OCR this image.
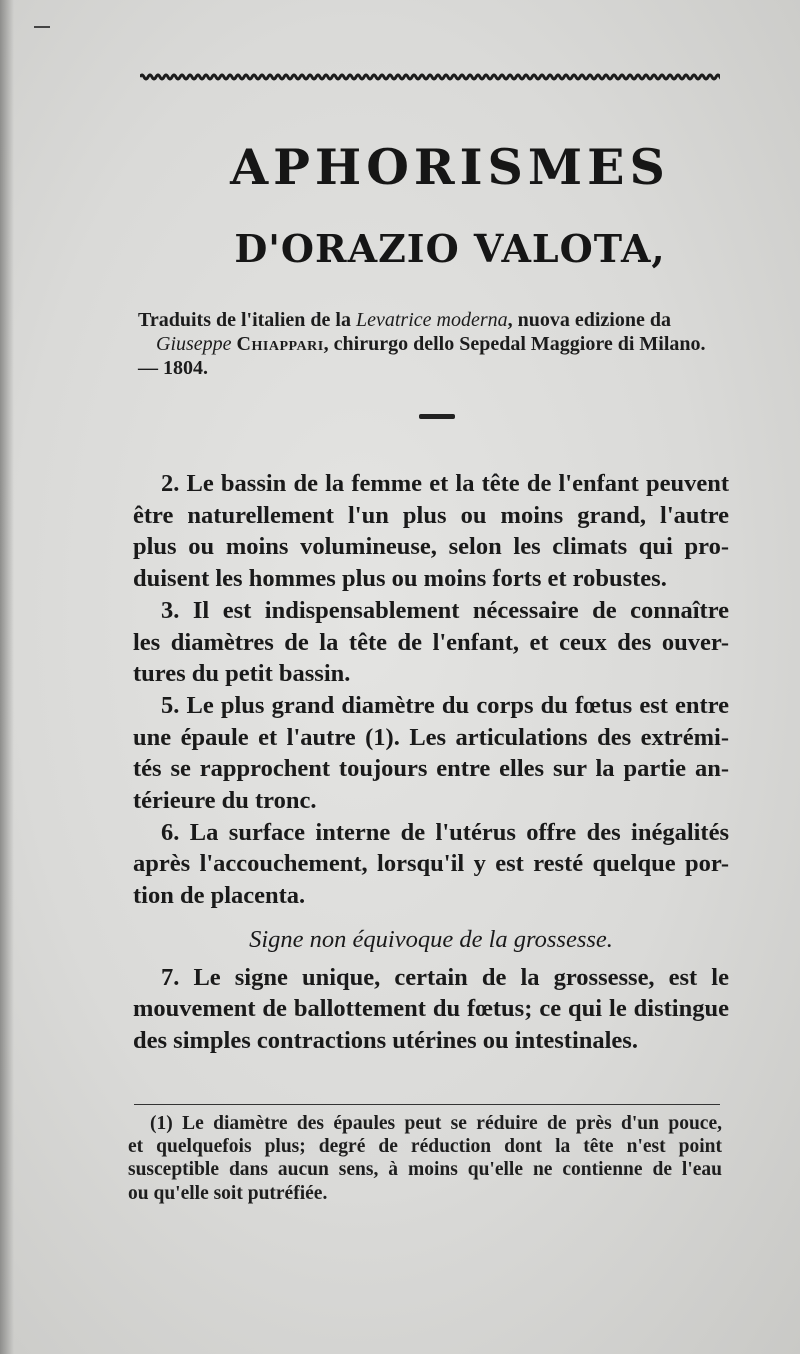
APHORISMES
D'ORAZIO VALOTA,
Traduits de l'italien de la Levatrice moderna, nuova edizione da
Giuseppe Chiappari, chirurgo dello Sepedal Maggiore di Milano.
— 1804.

2. Le bassin de la femme et la tête de l'enfant peuvent
être naturellement l'un plus ou moins grand, l'autre
plus ou moins volumineuse, selon les climats qui pro-
duisent les hommes plus ou moins forts et robustes.

3. Il est indispensablement nécessaire de connaître
les diamètres de la tête de l'enfant, et ceux des ouver-
tures du petit bassin.

5. Le plus grand diamètre du corps du fœtus est entre
une épaule et l'autre (1). Les articulations des extrémi-
tés se rapprochent toujours entre elles sur la partie an-
térieure du tronc.

6. La surface interne de l'utérus offre des inégalités
après l'accouchement, lorsqu'il y est resté quelque por-
tion de placenta.

Signe non équivoque de la grossesse.

7. Le signe unique, certain de la grossesse, est le
mouvement de ballottement du fœtus; ce qui le distingue
des simples contractions utérines ou intestinales.

(1) Le diamètre des épaules peut se réduire de près d'un pouce,
et quelquefois plus; degré de réduction dont la tête n'est point
susceptible dans aucun sens, à moins qu'elle ne contienne de l'eau
ou qu'elle soit putréfiée.
